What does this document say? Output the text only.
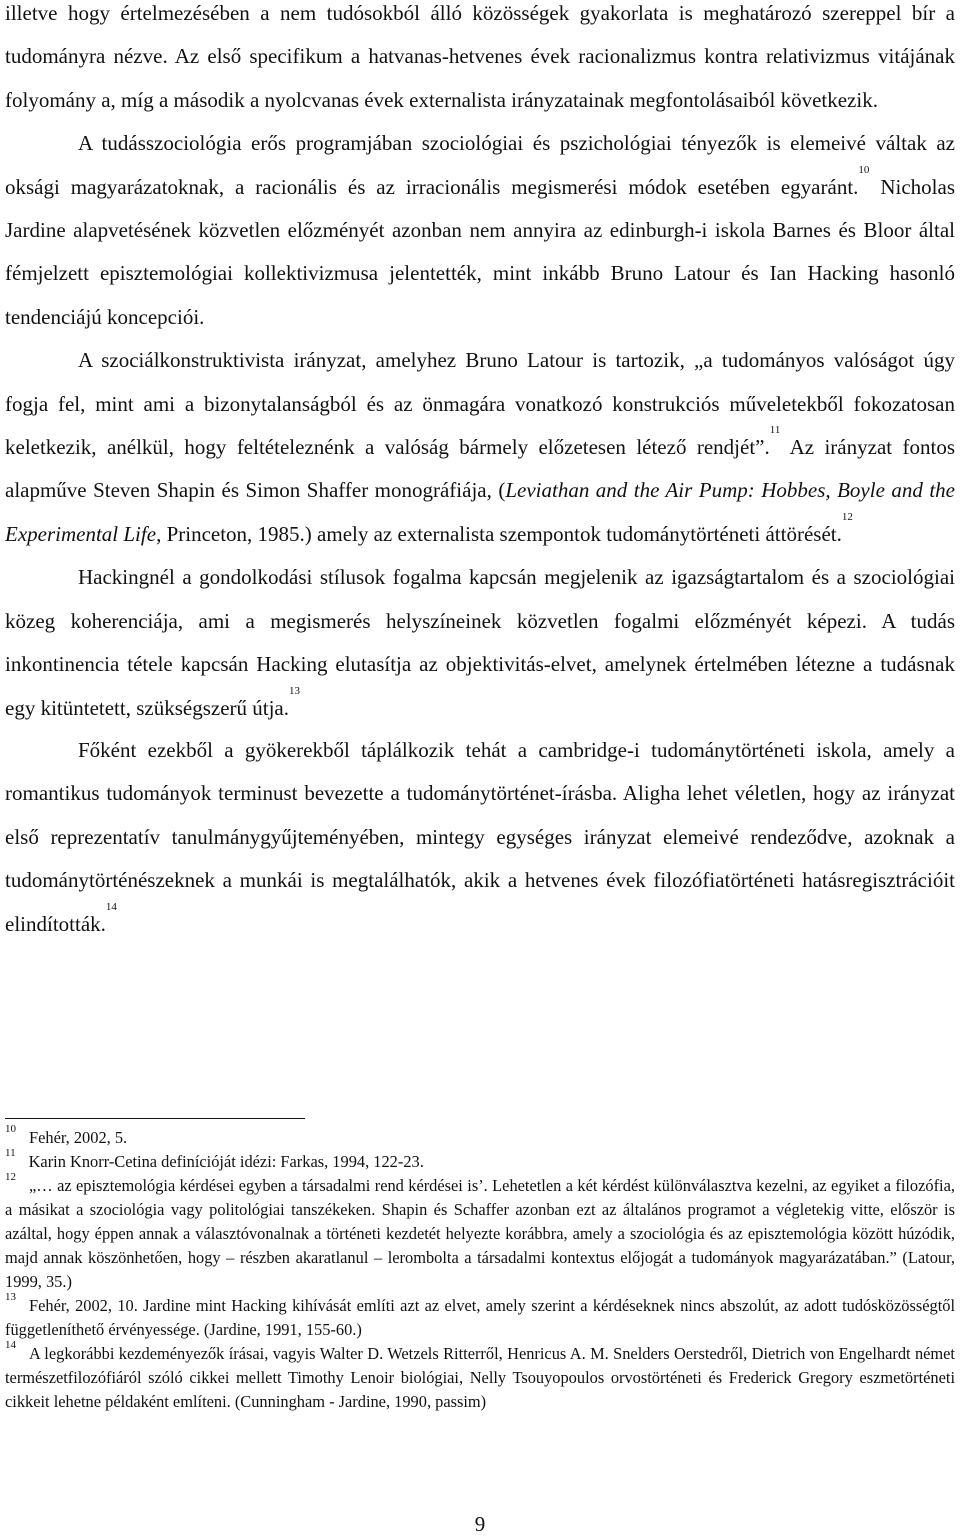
illetve hogy értelmezésében a nem tudósokból álló közösségek gyakorlata is meghatározó szereppel bír a tudományra nézve. Az első specifikum a hatvanas-hetvenes évek racionalizmus kontra relativizmus vitájának folyomány a, míg a második a nyolcvanas évek externalista irányzatainak megfontolásaiból következik.

A tudásszociológia erős programjában szociológiai és pszichológiai tényezők is elemeivé váltak az oksági magyarázatoknak, a racionális és az irracionális megismerési módok esetében egyaránt.$^{10}$ Nicholas Jardine alapvetésének közvetlen előzményét azonban nem annyira az edinburgh-i iskola Barnes és Bloor által fémjelzett episztemológiai kollektivizmusa jelentették, mint inkább Bruno Latour és Ian Hacking hasonló tendenciájú koncepciói.

A szociálkonstruktivista irányzat, amelyhez Bruno Latour is tartozik, „a tudományos valóságot úgy fogja fel, mint ami a bizonytalanságból és az önmagára vonatkozó konstrukciós műveletekből fokozatosan keletkezik, anélkül, hogy feltételeznénk a valóság bármely előzetesen létező rendjét”.$^{11}$ Az irányzat fontos alapműve Steven Shapin és Simon Shaffer monográfiája, (Leviathan and the Air Pump: Hobbes, Boyle and the Experimental Life, Princeton, 1985.) amely az externalista szempontok tudománytörténeti áttörését.$^{12}$

Hackingnél a gondolkodási stílusok fogalma kapcsán megjelenik az igazságtartalom és a szociológiai közeg koherenciája, ami a megismerés helyszíneinek közvetlen fogalmi előzményét képezi. A tudás inkontinencia tétele kapcsán Hacking elutasítja az objektivitás-elvet, amelynek értelmében létezne a tudásnak egy kitüntetett, szükségszerű útja.$^{13}$

Főként ezekből a gyökerekből táplálkozik tehát a cambridge-i tudománytörténeti iskola, amely a romantikus tudományok terminust bevezette a tudománytörténet-írásba. Aligha lehet véletlen, hogy az irányzat első reprezentatív tanulmánygyűjteményében, mintegy egységes irányzat elemeivé rendeződve, azoknak a tudománytörténészeknek a munkái is megtalálhatók, akik a hetvenes évek filozófiatörténeti hatásregisztrációit elindították.$^{14}$

$^{10}$ Fehér, 2002, 5.

$^{11}$ Karin Knorr-Cetina definícióját idézi: Farkas, 1994, 122-23.

$^{12}$ „… az episztemológia kérdései egyben a társadalmi rend kérdései is’. Lehetetlen a két kérdést különválasztva kezelni, az egyiket a filozófia, a másikat a szociológia vagy politológiai tanszékeken. Shapin és Schaffer azonban ezt az általános programot a végletekig vitte, először is azáltal, hogy éppen annak a választóvonalnak a történeti kezdetét helyezte korábbra, amely a szociológia és az episztemológia között húzódik, majd annak köszönhetően, hogy – részben akaratlanul – lerombolta a társadalmi kontextus előjogát a tudományok magyarázatában.” (Latour, 1999, 35.)

$^{13}$ Fehér, 2002, 10. Jardine mint Hacking kihívását említi azt az elvet, amely szerint a kérdéseknek nincs abszolút, az adott tudósközösségtől függetleníthető érvényessége. (Jardine, 1991, 155-60.)

$^{14}$ A legkorábbi kezdeményezők írásai, vagyis Walter D. Wetzels Ritterről, Henricus A. M. Snelders Oerstedről, Dietrich von Engelhardt német természetfilozófiáról szóló cikkei mellett Timothy Lenoir biológiai, Nelly Tsouyopoulos orvostörténeti és Frederick Gregory eszmetörténeti cikkeit lehetne példaként említeni. (Cunningham - Jardine, 1990, passim)

9
